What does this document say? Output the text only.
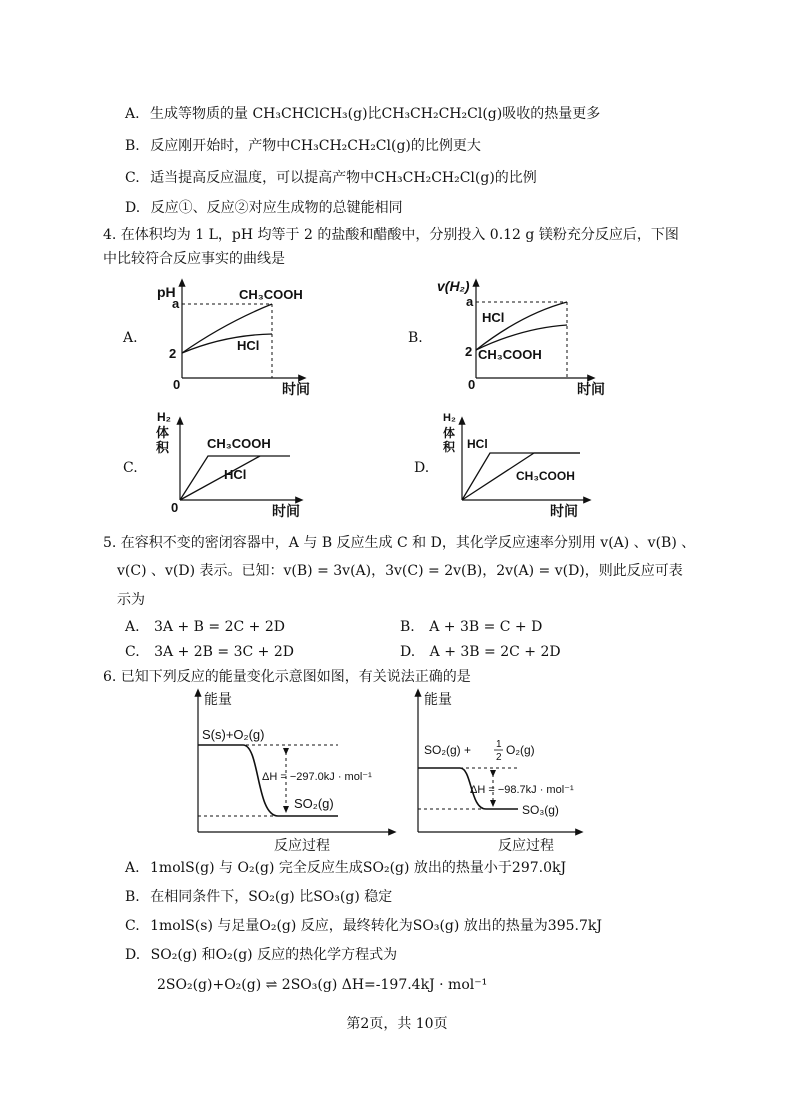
A. 生成等物质的量 CH₃CHClCH₃(g)比CH₃CH₂CH₂Cl(g)吸收的热量更多
B. 反应刚开始时，产物中CH₃CH₂CH₂Cl(g)的比例更大
C. 适当提高反应温度，可以提高产物中CH₃CH₂CH₂Cl(g)的比例
D. 反应①、反应②对应生成物的总键能相同
4. 在体积均为 1 L，pH 均等于 2 的盐酸和醋酸中，分别投入 0.12 g 镁粉充分反应后，下图
中比较符合反应事实的曲线是
A.	B.
C.	D.
pH
a
2
0	时间
CH₃COOH
HCl
v(H₂)
a
2
0	时间
HCl
CH₃COOH
H₂
体
积
0	时间
CH₃COOH
HCl
H₂
体
积
时间
HCl
CH₃COOH
5. 在容积不变的密闭容器中，A 与 B 反应生成 C 和 D，其化学反应速率分别用 v(A) 、v(B) 、
v(C) 、v(D) 表示。已知：v(B) = 3v(A)，3v(C) = 2v(B)，2v(A) = v(D)，则此反应可表
示为
A. 3A + B = 2C + 2D	B. A + 3B = C + D
C. 3A + 2B = 3C + 2D	D. A + 3B = 2C + 2D
6. 已知下列反应的能量变化示意图如图，有关说法正确的是
能量
S(s)+O₂(g)
ΔH = −297.0kJ · mol⁻¹
SO₂(g)
反应过程
能量
SO₂(g) + 1
2
O₂(g)
ΔH = −98.7kJ · mol⁻¹
SO₃(g)
反应过程
A. 1molS(g) 与 O₂(g) 完全反应生成SO₂(g) 放出的热量小于297.0kJ
B. 在相同条件下，SO₂(g) 比SO₃(g) 稳定
C. 1molS(s) 与足量O₂(g) 反应，最终转化为SO₃(g) 放出的热量为395.7kJ
D. SO₂(g) 和O₂(g) 反应的热化学方程式为
2SO₂(g)+O₂(g) ⇌ 2SO₃(g) ΔH=-197.4kJ · mol⁻¹
第2页，共 10页
